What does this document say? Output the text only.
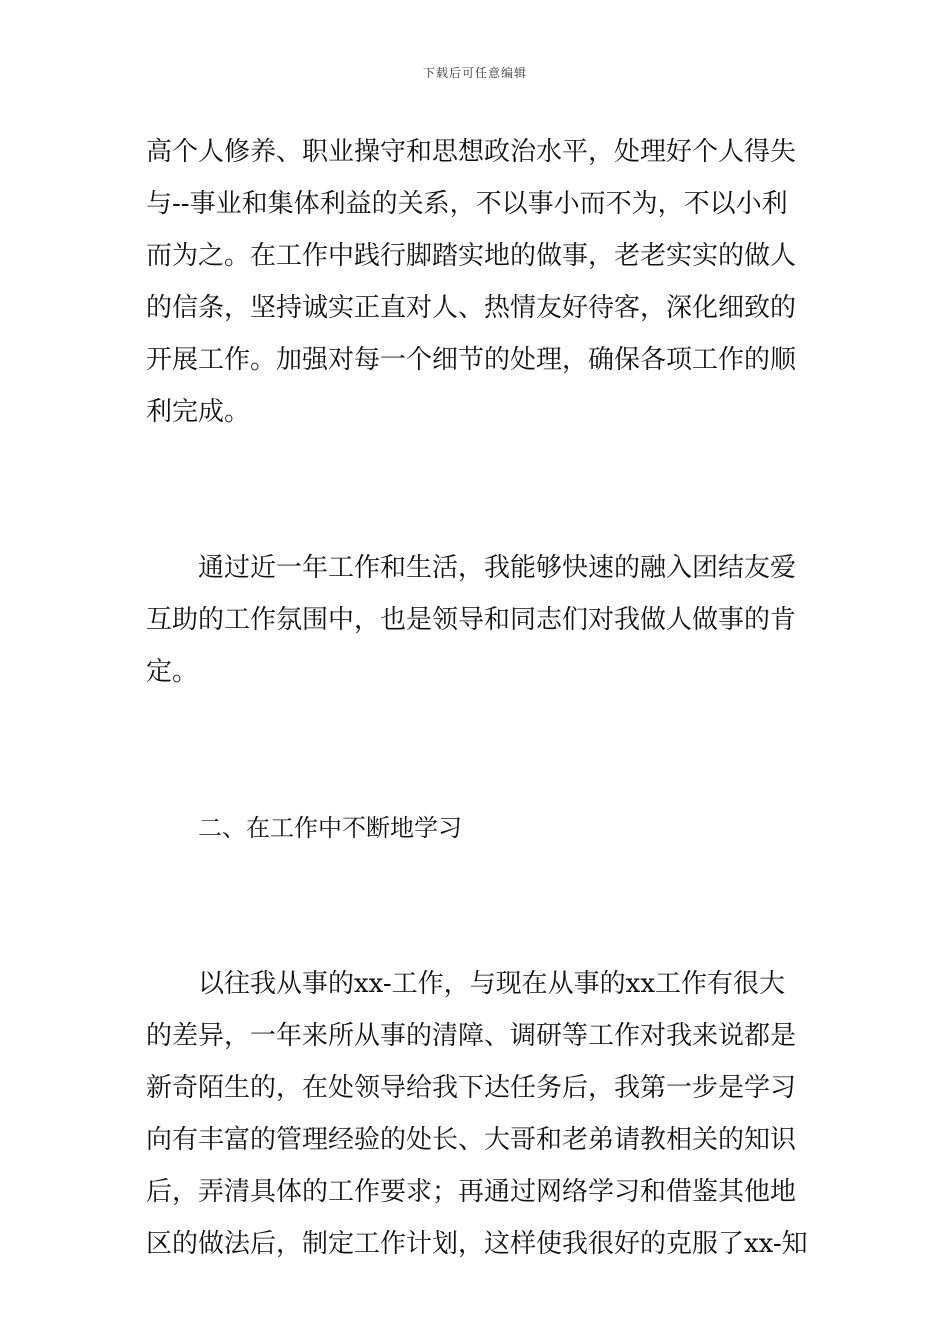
下载后可任意编辑
高个人修养、职业操守和思想政治水平，处理好个人得失
与--事业和集体利益的关系，不以事小而不为，不以小利
而为之。在工作中践行脚踏实地的做事，老老实实的做人
的信条，坚持诚实正直对人、热情友好待客，深化细致的
开展工作。加强对每一个细节的处理，确保各项工作的顺
利完成。
通过近一年工作和生活，我能够快速的融入团结友爱
互助的工作氛围中，也是领导和同志们对我做人做事的肯
定。
二、在工作中不断地学习
以往我从事的xx-工作，与现在从事的xx工作有很大
的差异，一年来所从事的清障、调研等工作对我来说都是
新奇陌生的，在处领导给我下达任务后，我第一步是学习
向有丰富的管理经验的处长、大哥和老弟请教相关的知识
后，弄清具体的工作要求；再通过网络学习和借鉴其他地
区的做法后，制定工作计划，这样使我很好的克服了xx-知
